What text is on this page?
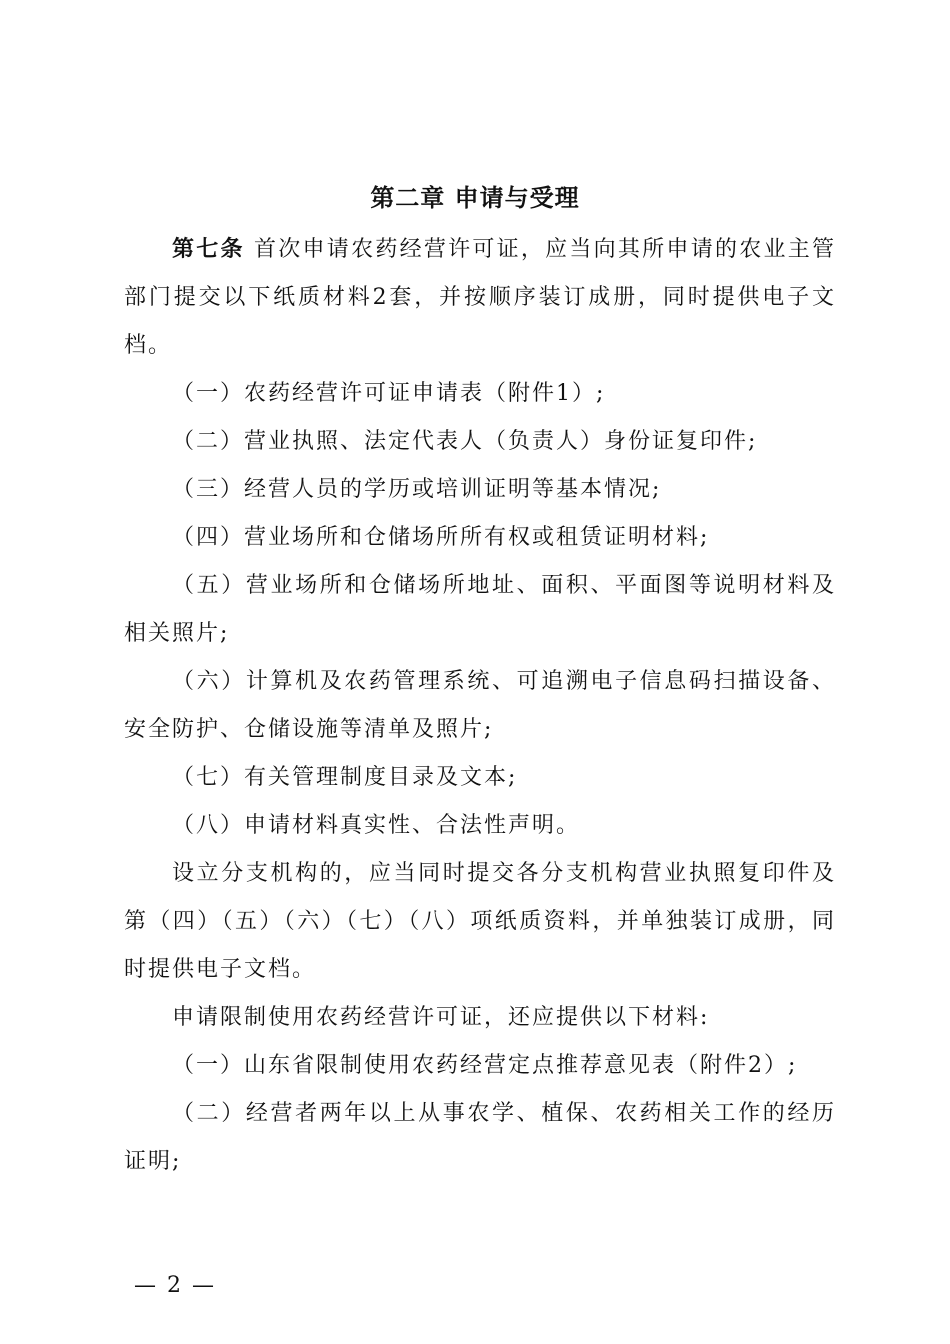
第二章 申请与受理

第七条 首次申请农药经营许可证，应当向其所申请的农业主管部门提交以下纸质材料2套，并按顺序装订成册，同时提供电子文档。

（一）农药经营许可证申请表（附件1）;

（二）营业执照、法定代表人（负责人）身份证复印件;

（三）经营人员的学历或培训证明等基本情况;

（四）营业场所和仓储场所所有权或租赁证明材料;

（五）营业场所和仓储场所地址、面积、平面图等说明材料及相关照片;

（六）计算机及农药管理系统、可追溯电子信息码扫描设备、安全防护、仓储设施等清单及照片;

（七）有关管理制度目录及文本;

（八）申请材料真实性、合法性声明。

设立分支机构的，应当同时提交各分支机构营业执照复印件及第（四）（五）（六）（七）（八）项纸质资料，并单独装订成册，同时提供电子文档。

申请限制使用农药经营许可证，还应提供以下材料:

（一）山东省限制使用农药经营定点推荐意见表（附件2）;

（二）经营者两年以上从事农学、植保、农药相关工作的经历证明;

— 2 —
